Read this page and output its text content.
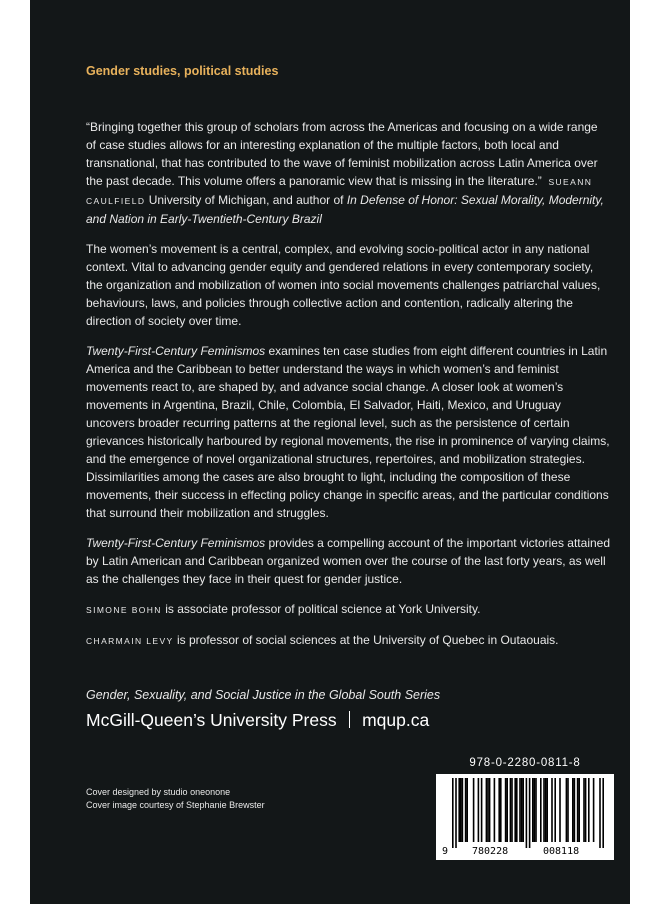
Gender studies, political studies

“Bringing together this group of scholars from across the Americas and focusing on a wide range of case studies allows for an interesting explanation of the multiple factors, both local and transnational, that has contributed to the wave of feminist mobilization across Latin America over the past decade. This volume offers a panoramic view that is missing in the literature.” SUEANN CAULFIELD University of Michigan, and author of In Defense of Honor: Sexual Morality, Modernity, and Nation in Early-Twentieth-Century Brazil

The women’s movement is a central, complex, and evolving socio-political actor in any national context. Vital to advancing gender equity and gendered relations in every contemporary society, the organization and mobilization of women into social movements challenges patriarchal values, behaviours, laws, and policies through collective action and contention, radically altering the direction of society over time.

Twenty-First-Century Feminismos examines ten case studies from eight different countries in Latin America and the Caribbean to better understand the ways in which women’s and feminist movements react to, are shaped by, and advance social change. A closer look at women’s movements in Argentina, Brazil, Chile, Colombia, El Salvador, Haiti, Mexico, and Uruguay uncovers broader recurring patterns at the regional level, such as the persistence of certain grievances historically harboured by regional movements, the rise in prominence of varying claims, and the emergence of novel organizational structures, repertoires, and mobilization strategies. Dissimilarities among the cases are also brought to light, including the composition of these movements, their success in effecting policy change in specific areas, and the particular conditions that surround their mobilization and struggles.

Twenty-First-Century Feminismos provides a compelling account of the important victories attained by Latin American and Caribbean organized women over the course of the last forty years, as well as the challenges they face in their quest for gender justice.

SIMONE BOHN is associate professor of political science at York University.

CHARMAIN LEVY is professor of social sciences at the University of Quebec in Outaouais.

Gender, Sexuality, and Social Justice in the Global South Series
McGill-Queen’s University Press mqup.ca
Cover designed by studio oneonone
Cover image courtesy of Stephanie Brewster
978-0-2280-0811-8
9 780228	008118
